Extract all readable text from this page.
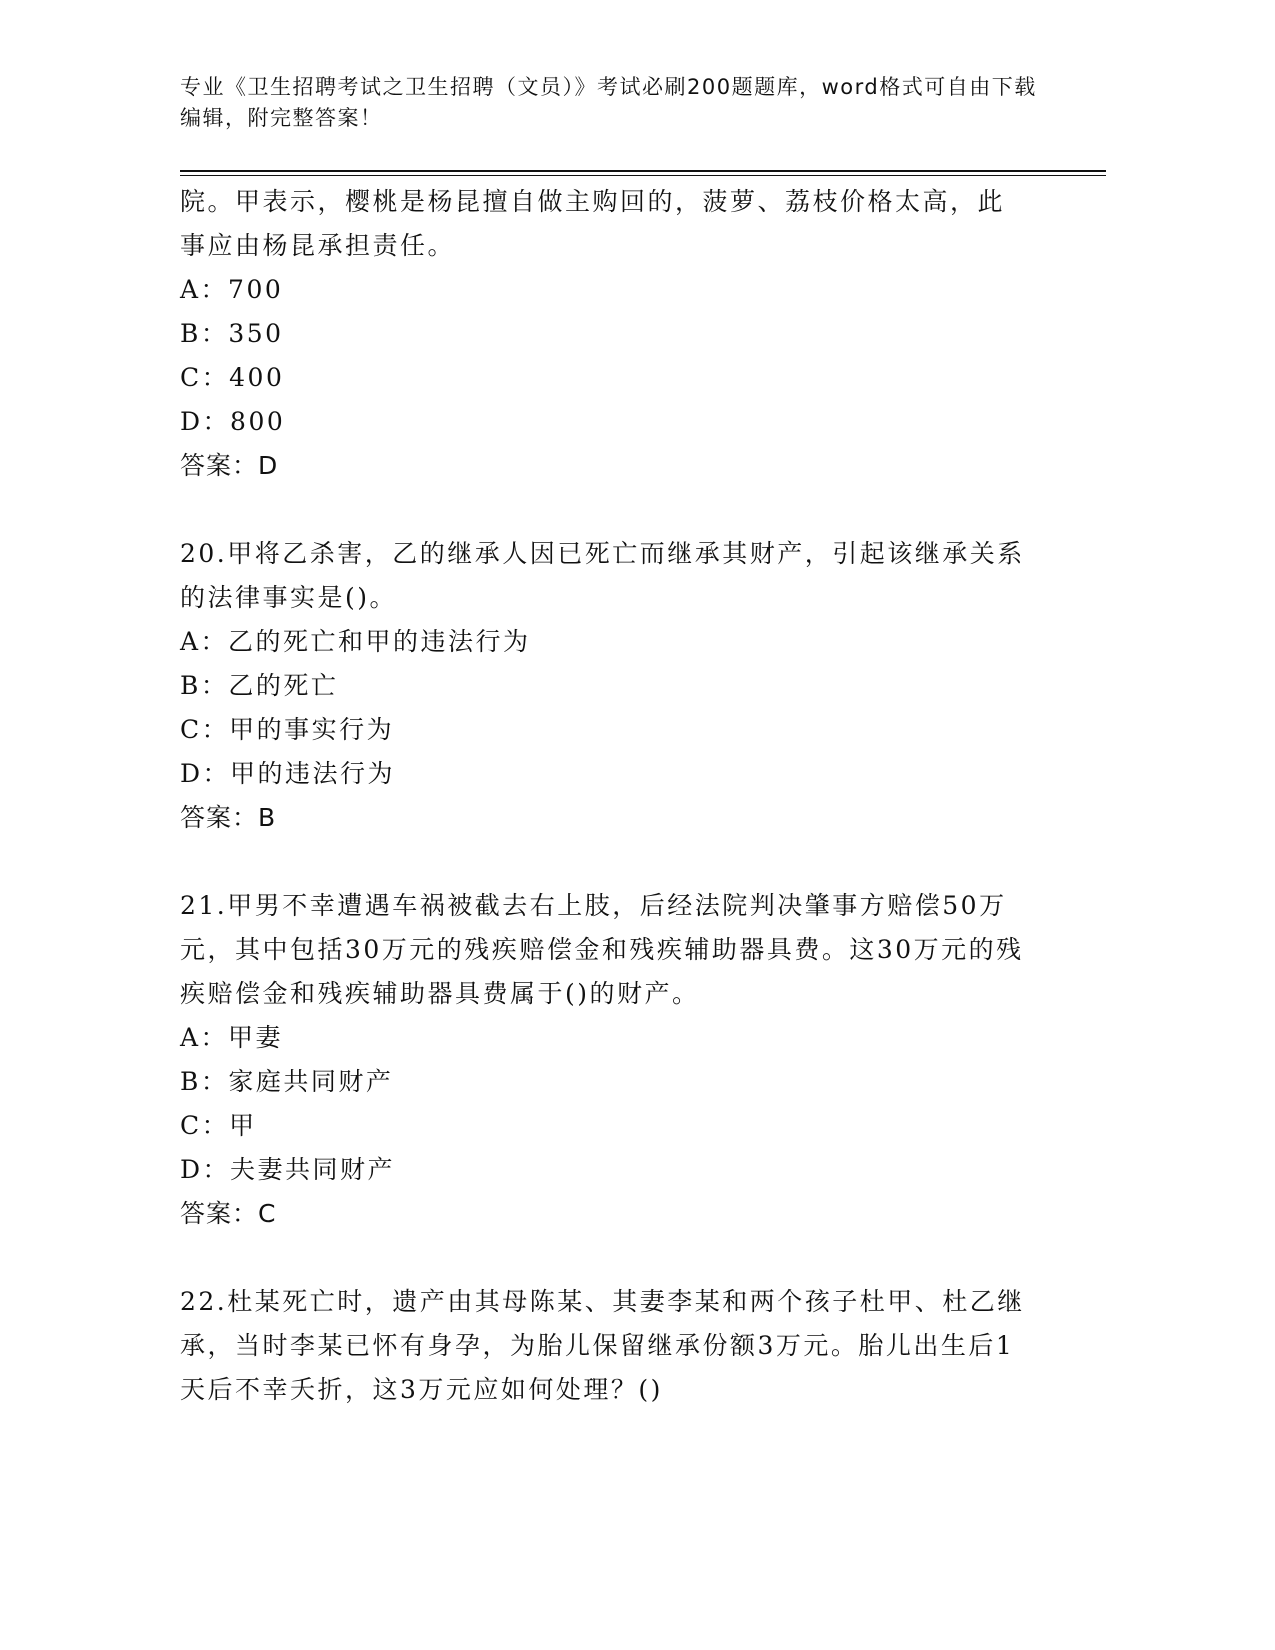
专业《卫生招聘考试之卫生招聘（文员）》考试必刷200题题库，word格式可自由下载编辑，附完整答案！

院。甲表示，樱桃是杨昆擅自做主购回的，菠萝、荔枝价格太高，此事应由杨昆承担责任。

A：700

B：350

C：400

D：800

答案：D

20.甲将乙杀害，乙的继承人因已死亡而继承其财产，引起该继承关系的法律事实是()。

A：乙的死亡和甲的违法行为

B：乙的死亡

C：甲的事实行为

D：甲的违法行为

答案：B

21.甲男不幸遭遇车祸被截去右上肢，后经法院判决肇事方赔偿50万元，其中包括30万元的残疾赔偿金和残疾辅助器具费。这30万元的残疾赔偿金和残疾辅助器具费属于()的财产。

A：甲妻

B：家庭共同财产

C：甲

D：夫妻共同财产

答案：C

22.杜某死亡时，遗产由其母陈某、其妻李某和两个孩子杜甲、杜乙继承，当时李某已怀有身孕，为胎儿保留继承份额3万元。胎儿出生后1天后不幸夭折，这3万元应如何处理？()
